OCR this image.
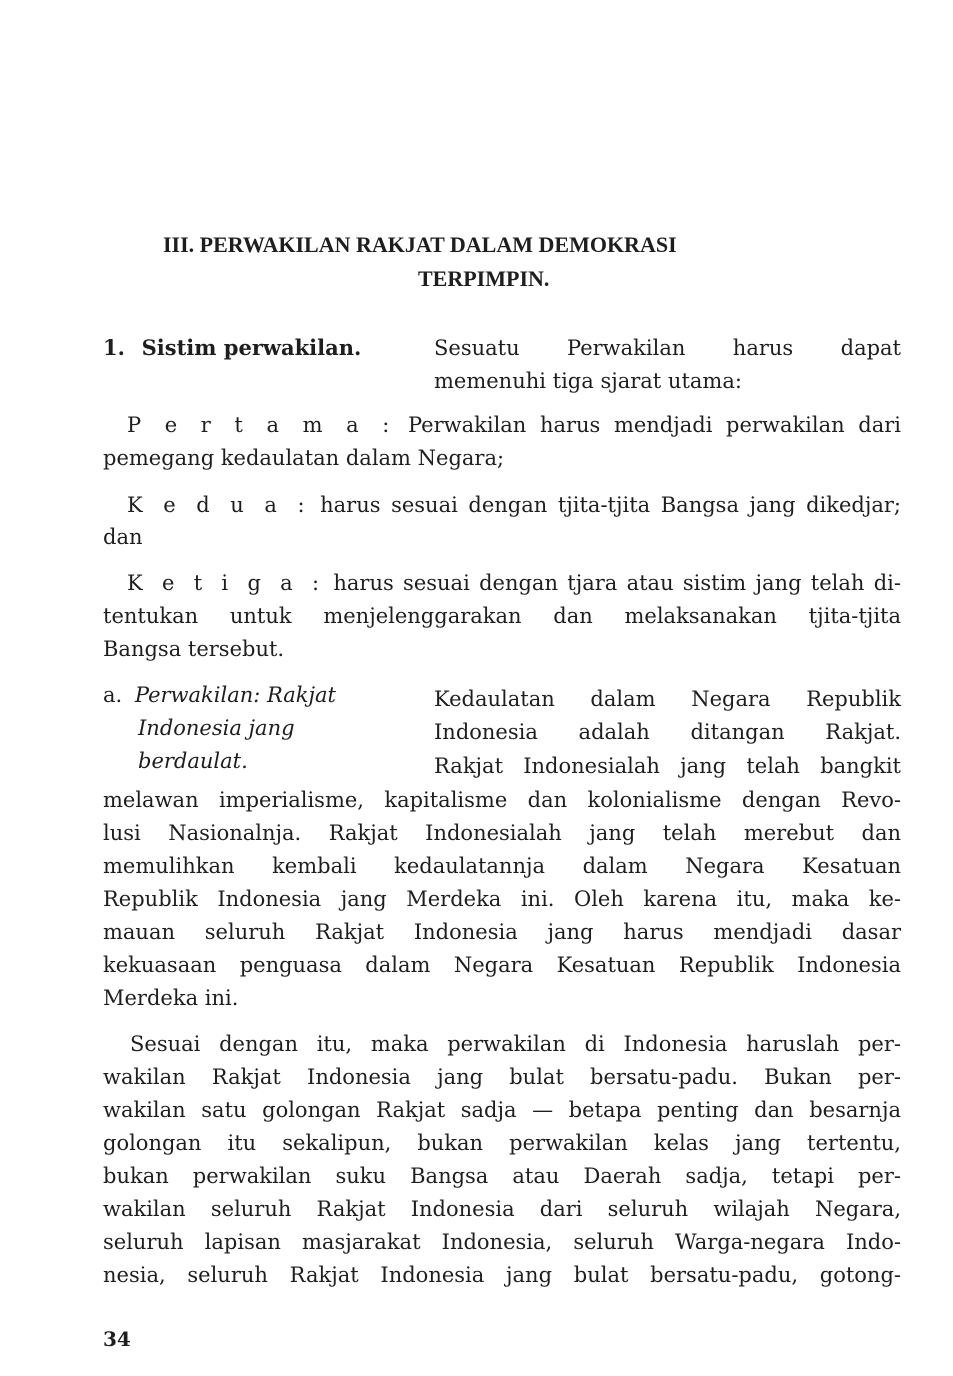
III. PERWAKILAN RAKJAT DALAM DEMOKRASI
TERPIMPIN.
1. Sistim perwakilan.	Sesuatu Perwakilan harus dapat
memenuhi tiga sjarat utama:
P e r t a m a : Perwakilan harus mendjadi perwakilan dari
pemegang kedaulatan dalam Negara;
K e d u a : harus sesuai dengan tjita-tjita Bangsa jang dikedjar;
dan
K e t i g a : harus sesuai dengan tjara atau sistim jang telah di-
tentukan untuk menjelenggarakan dan melaksanakan tjita-tjita
Bangsa tersebut.
a. Perwakilan: Rakjat
Indonesia jang
berdaulat.
Kedaulatan dalam Negara Republik
Indonesia adalah ditangan Rakjat.
Rakjat Indonesialah jang telah bangkit
melawan imperialisme, kapitalisme dan kolonialisme dengan Revo-
lusi Nasionalnja. Rakjat Indonesialah jang telah merebut dan
memulihkan kembali kedaulatannja dalam Negara Kesatuan
Republik Indonesia jang Merdeka ini. Oleh karena itu, maka ke-
mauan seluruh Rakjat Indonesia jang harus mendjadi dasar
kekuasaan penguasa dalam Negara Kesatuan Republik Indonesia
Merdeka ini.
Sesuai dengan itu, maka perwakilan di Indonesia haruslah per-
wakilan Rakjat Indonesia jang bulat bersatu-padu. Bukan per-
wakilan satu golongan Rakjat sadja — betapa penting dan besarnja
golongan itu sekalipun, bukan perwakilan kelas jang tertentu,
bukan perwakilan suku Bangsa atau Daerah sadja, tetapi per-
wakilan seluruh Rakjat Indonesia dari seluruh wilajah Negara,
seluruh lapisan masjarakat Indonesia, seluruh Warga-negara Indo-
nesia, seluruh Rakjat Indonesia jang bulat bersatu-padu, gotong-
34
